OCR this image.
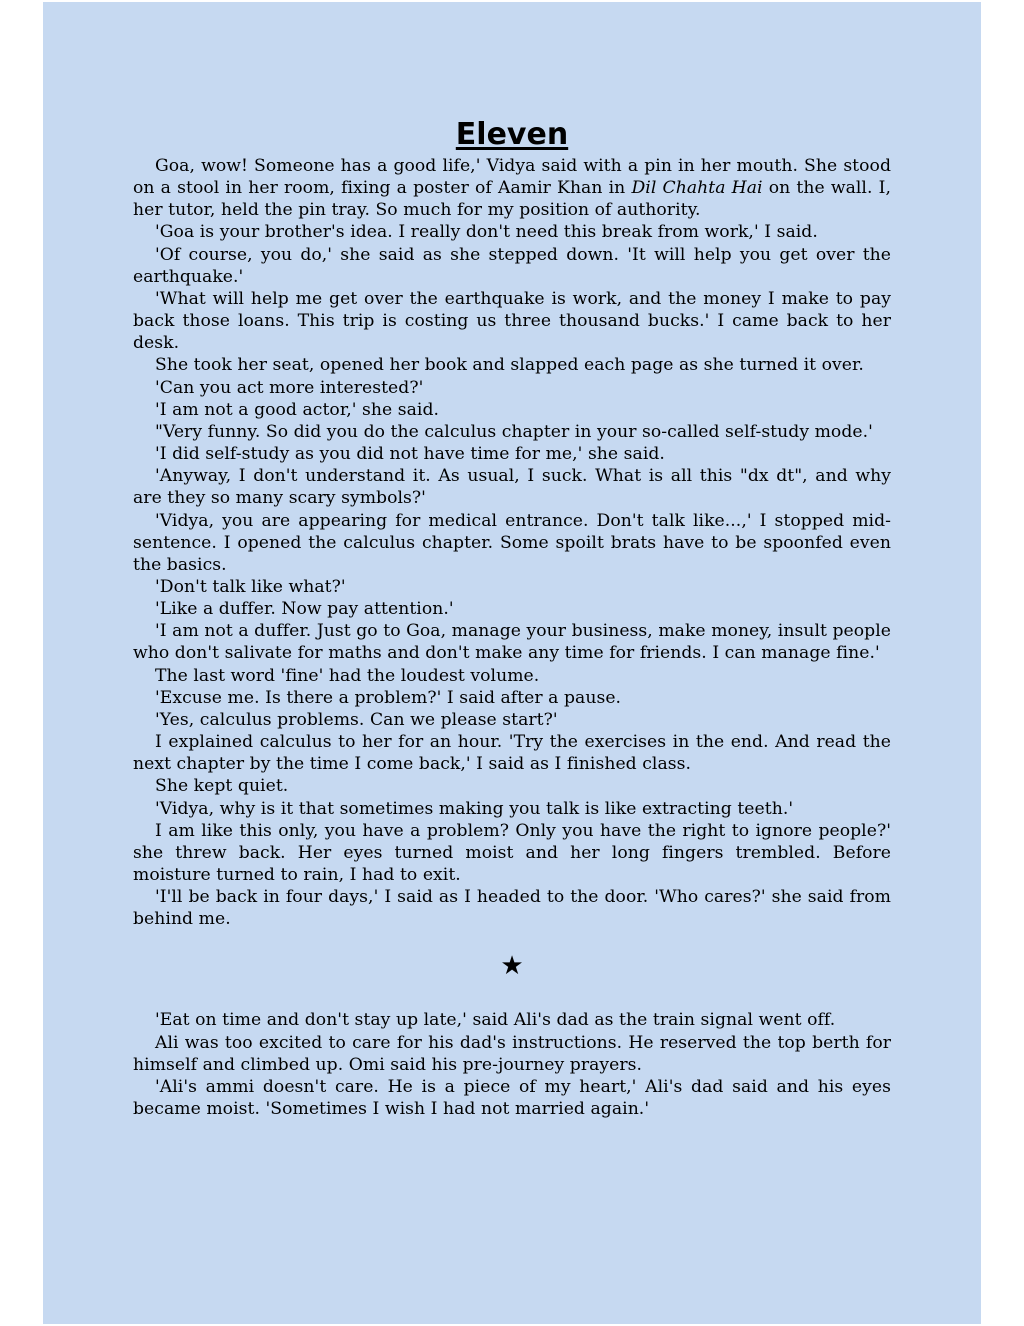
Eleven

Goa, wow! Someone has a good life,' Vidya said with a pin in her mouth. She stood on a stool in her room, fixing a poster of Aamir Khan in Dil Chahta Hai on the wall. I, her tutor, held the pin tray. So much for my position of authority.

'Goa is your brother's idea. I really don't need this break from work,' I said.

'Of course, you do,' she said as she stepped down. 'It will help you get over the earthquake.'

'What will help me get over the earthquake is work, and the money I make to pay back those loans. This trip is costing us three thousand bucks.' I came back to her desk.

She took her seat, opened her book and slapped each page as she turned it over.

'Can you act more interested?'

'I am not a good actor,' she said.

"Very funny. So did you do the calculus chapter in your so-called self-study mode.'

'I did self-study as you did not have time for me,' she said.

'Anyway, I don't understand it. As usual, I suck. What is all this "dx dt", and why are they so many scary symbols?'

'Vidya, you are appearing for medical entrance. Don't talk like...,' I stopped mid-sentence. I opened the calculus chapter. Some spoilt brats have to be spoonfed even the basics.

'Don't talk like what?'

'Like a duffer. Now pay attention.'

'I am not a duffer. Just go to Goa, manage your business, make money, insult people who don't salivate for maths and don't make any time for friends. I can manage fine.'

The last word 'fine' had the loudest volume.

'Excuse me. Is there a problem?' I said after a pause.

'Yes, calculus problems. Can we please start?'

I explained calculus to her for an hour. 'Try the exercises in the end. And read the next chapter by the time I come back,' I said as I finished class.

She kept quiet.

'Vidya, why is it that sometimes making you talk is like extracting teeth.'

I am like this only, you have a problem? Only you have the right to ignore people?' she threw back. Her eyes turned moist and her long fingers trembled. Before moisture turned to rain, I had to exit.

'I'll be back in four days,' I said as I headed to the door. 'Who cares?' she said from behind me.

★

'Eat on time and don't stay up late,' said Ali's dad as the train signal went off.

Ali was too excited to care for his dad's instructions. He reserved the top berth for himself and climbed up. Omi said his pre-journey prayers.

'Ali's ammi doesn't care. He is a piece of my heart,' Ali's dad said and his eyes became moist. 'Sometimes I wish I had not married again.'
